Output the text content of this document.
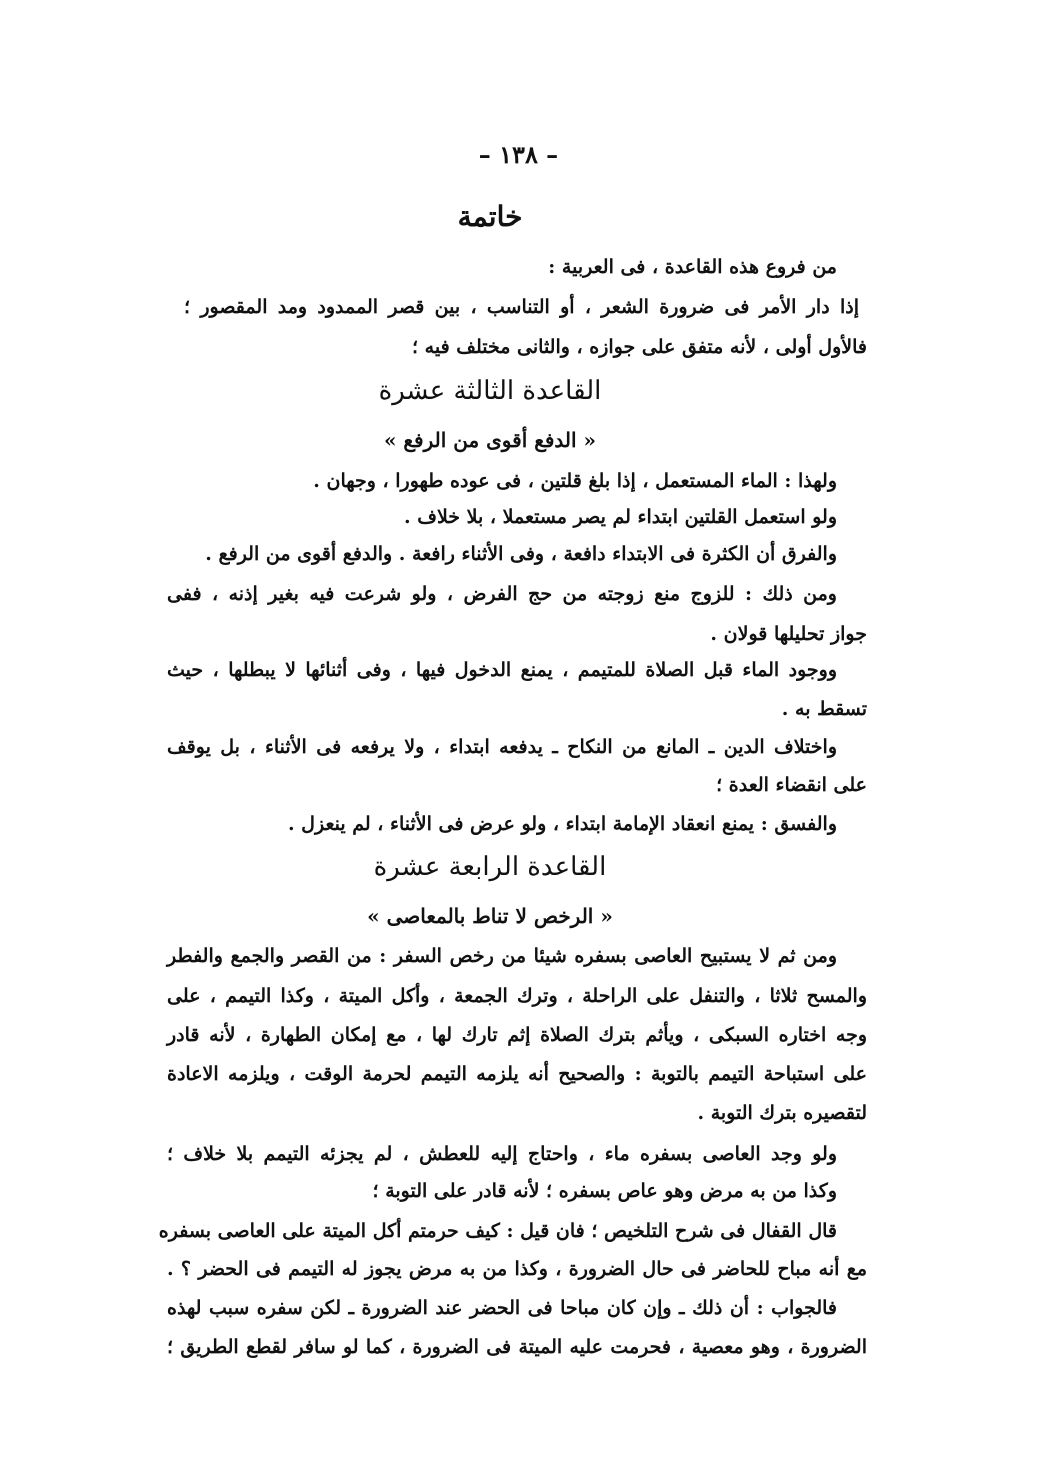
– ١٣٨ –
خاتمة
من فروع هذه القاعدة ، فى العربية :
إذا دار الأمر فى ضرورة الشعر ، أو التناسب ، بين قصر الممدود ومد المقصور ؛
فالأول أولى ، لأنه متفق على جوازه ، والثانى مختلف فيه ؛
القاعدة الثالثة عشرة
« الدفع أقوى من الرفع »
ولهذا : الماء المستعمل ، إذا بلغ قلتين ، فى عوده طهورا ، وجهان .
ولو استعمل القلتين ابتداء لم يصر مستعملا ، بلا خلاف .
والفرق أن الكثرة فى الابتداء دافعة ، وفى الأثناء رافعة . والدفع أقوى من الرفع .
ومن ذلك : للزوج منع زوجته من حج الفرض ، ولو شرعت فيه بغير إذنه ، ففى
جواز تحليلها قولان .
ووجود الماء قبل الصلاة للمتيمم ، يمنع الدخول فيها ، وفى أثنائها لا يبطلها ، حيث
تسقط به .
واختلاف الدين ـ المانع من النكاح ـ يدفعه ابتداء ، ولا يرفعه فى الأثناء ، بل يوقف
على انقضاء العدة ؛
والفسق : يمنع انعقاد الإمامة ابتداء ، ولو عرض فى الأثناء ، لم ينعزل .
القاعدة الرابعة عشرة
« الرخص لا تناط بالمعاصى »
ومن ثم لا يستبيح العاصى بسفره شيئا من رخص السفر : من القصر والجمع والفطر
والمسح ثلاثا ، والتنفل على الراحلة ، وترك الجمعة ، وأكل الميتة ، وكذا التيمم ، على
وجه اختاره السبكى ، ويأثم بترك الصلاة إثم تارك لها ، مع إمكان الطهارة ، لأنه قادر
على استباحة التيمم بالتوبة : والصحيح أنه يلزمه التيمم لحرمة الوقت ، ويلزمه الاعادة
لتقصيره بترك التوبة .
ولو وجد العاصى بسفره ماء ، واحتاج إليه للعطش ، لم يجزئه التيمم بلا خلاف ؛
وكذا من به مرض وهو عاص بسفره ؛ لأنه قادر على التوبة ؛
قال القفال فى شرح التلخيص ؛ فان قيل : كيف حرمتم أكل الميتة على العاصى بسفره
مع أنه مباح للحاضر فى حال الضرورة ، وكذا من به مرض يجوز له التيمم فى الحضر ؟ .
فالجواب : أن ذلك ـ وإن كان مباحا فى الحضر عند الضرورة ـ لكن سفره سبب لهذه
الضرورة ، وهو معصية ، فحرمت عليه الميتة فى الضرورة ، كما لو سافر لقطع الطريق ؛
